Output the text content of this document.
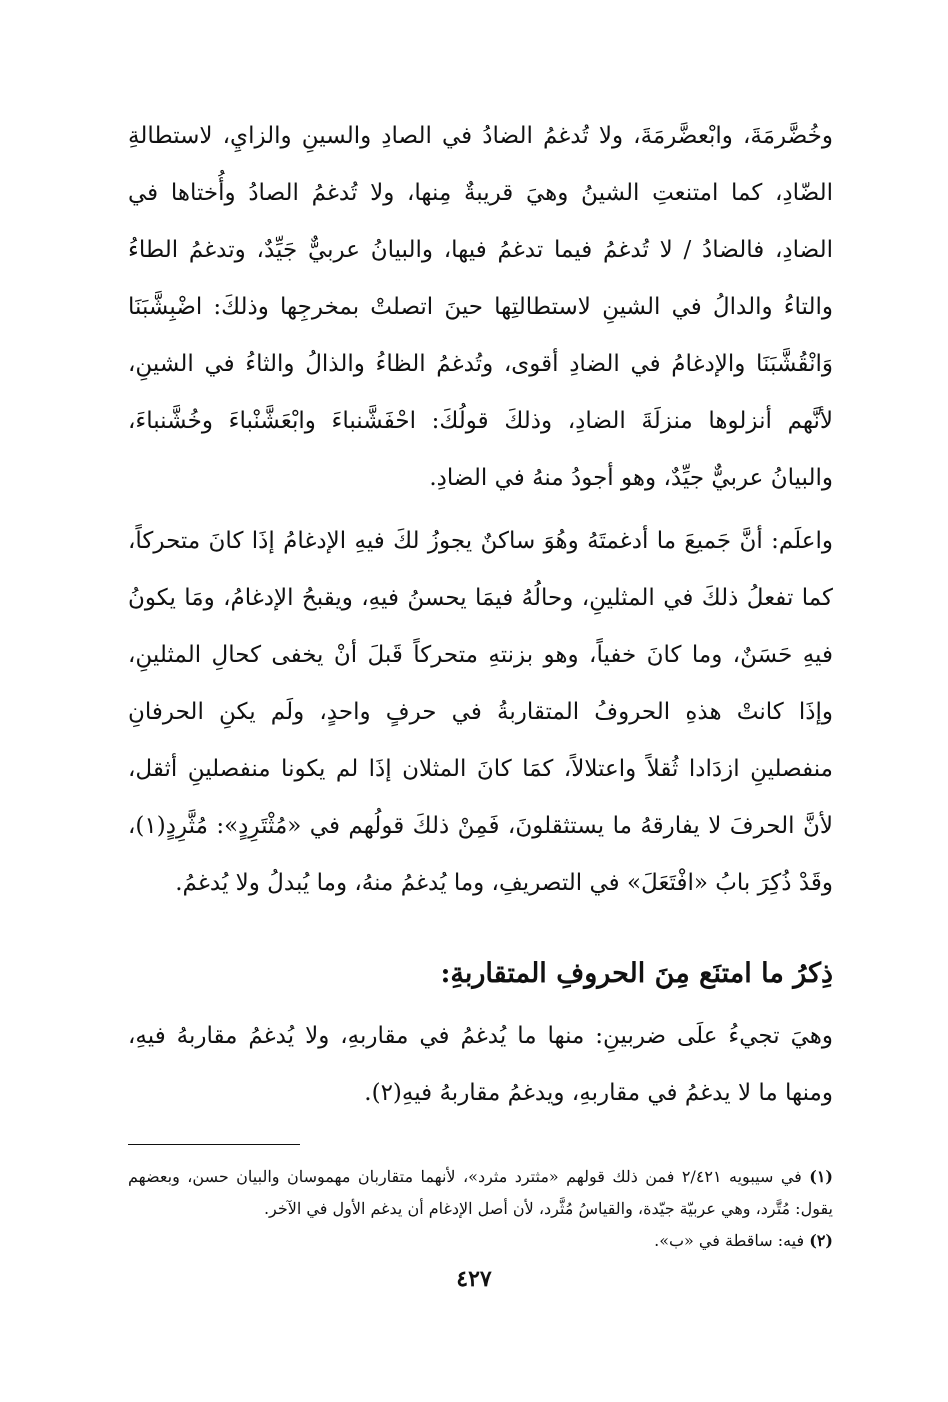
وخُضَّرمَةَ، وابْعضَّرمَةَ، ولا تُدغمُ الضادُ في الصادِ والسينِ والزايِ، لاستطالةِ الضّادِ، كما امتنعتِ الشينُ وهيَ قريبةٌ مِنها، ولا تُدغمُ الصادُ وأُختاها في الضادِ، فالضادُ / لا تُدغمُ فيما تدغمُ فيها، والبيانُ عربيٌّ جَيِّدٌ، وتدغمُ الطاءُ والتاءُ والدالُ في الشينِ لاستطالتِها حينَ اتصلتْ بمخرجِها وذلكَ: اضْبِشَّبَنَا وَانْقُشَّبَنَا والإدغامُ في الضادِ أقوى، وتُدغمُ الظاءُ والذالُ والثاءُ في الشينِ، لأنَّهم أنزلوها منزلَةَ الضادِ، وذلكَ قولُكَ: احْفَشَّنباءَ وابْعَشَّنْباءَ وخُشَّنباءَ، والبيانُ عربيٌّ جيِّدٌ، وهو أجودُ منهُ في الضادِ.

واعلَم: أنَّ جَميعَ ما أدغمتَهُ وهُوَ ساكنٌ يجوزُ لكَ فيهِ الإدغامُ إذَا كانَ متحركاً، كما تفعلُ ذلكَ في المثلينِ، وحالُهُ فيمَا يحسنُ فيهِ، ويقبحُ الإدغامُ، ومَا يكونُ فيهِ حَسَنٌ، وما كانَ خفياً، وهو بزنتهِ متحركاً قَبلَ أنْ يخفى كحالِ المثلينِ، وإذَا كانتْ هذهِ الحروفُ المتقاربةُ في حرفٍ واحدٍ، ولَم يكنِ الحرفانِ منفصلينِ ازدَادا ثُقلاً واعتلالاً، كمَا كانَ المثلان إذَا لم يكونا منفصلينِ أثقل، لأنَّ الحرفَ لا يفارقهُ ما يستثقلونَ، فَمِنْ ذلكَ قولُهم في «مُثْتَرِدٍ»: مُثَّرِدٍ(١)، وقَدْ ذُكِرَ بابُ «افْتَعَلَ» في التصريفِ، وما يُدغمُ منهُ، وما يُبدلُ ولا يُدغمُ.

ذِكرُ ما امتنَع مِنَ الحروفِ المتقاربةِ:

وهيَ تجيءُ علَى ضربينِ: منها ما يُدغمُ في مقاربهِ، ولا يُدغمُ مقاربهُ فيهِ، ومنها ما لا يدغمُ في مقاربهِ، ويدغمُ مقاربهُ فيهِ(٢).

(١) في سيبويه ٢/٤٢١ فمن ذلك قولهم «مثترد مثرد»، لأنهما متقاربان مهموسان والبيان حسن، وبعضهم يقول: مُتَّرد، وهي عربيّة جيّدة، والقياسُ مُثَّرد، لأن أصل الإدغام أن يدغم الأول في الآخر.

(٢) فيه: ساقطة في «ب».

٤٢٧
